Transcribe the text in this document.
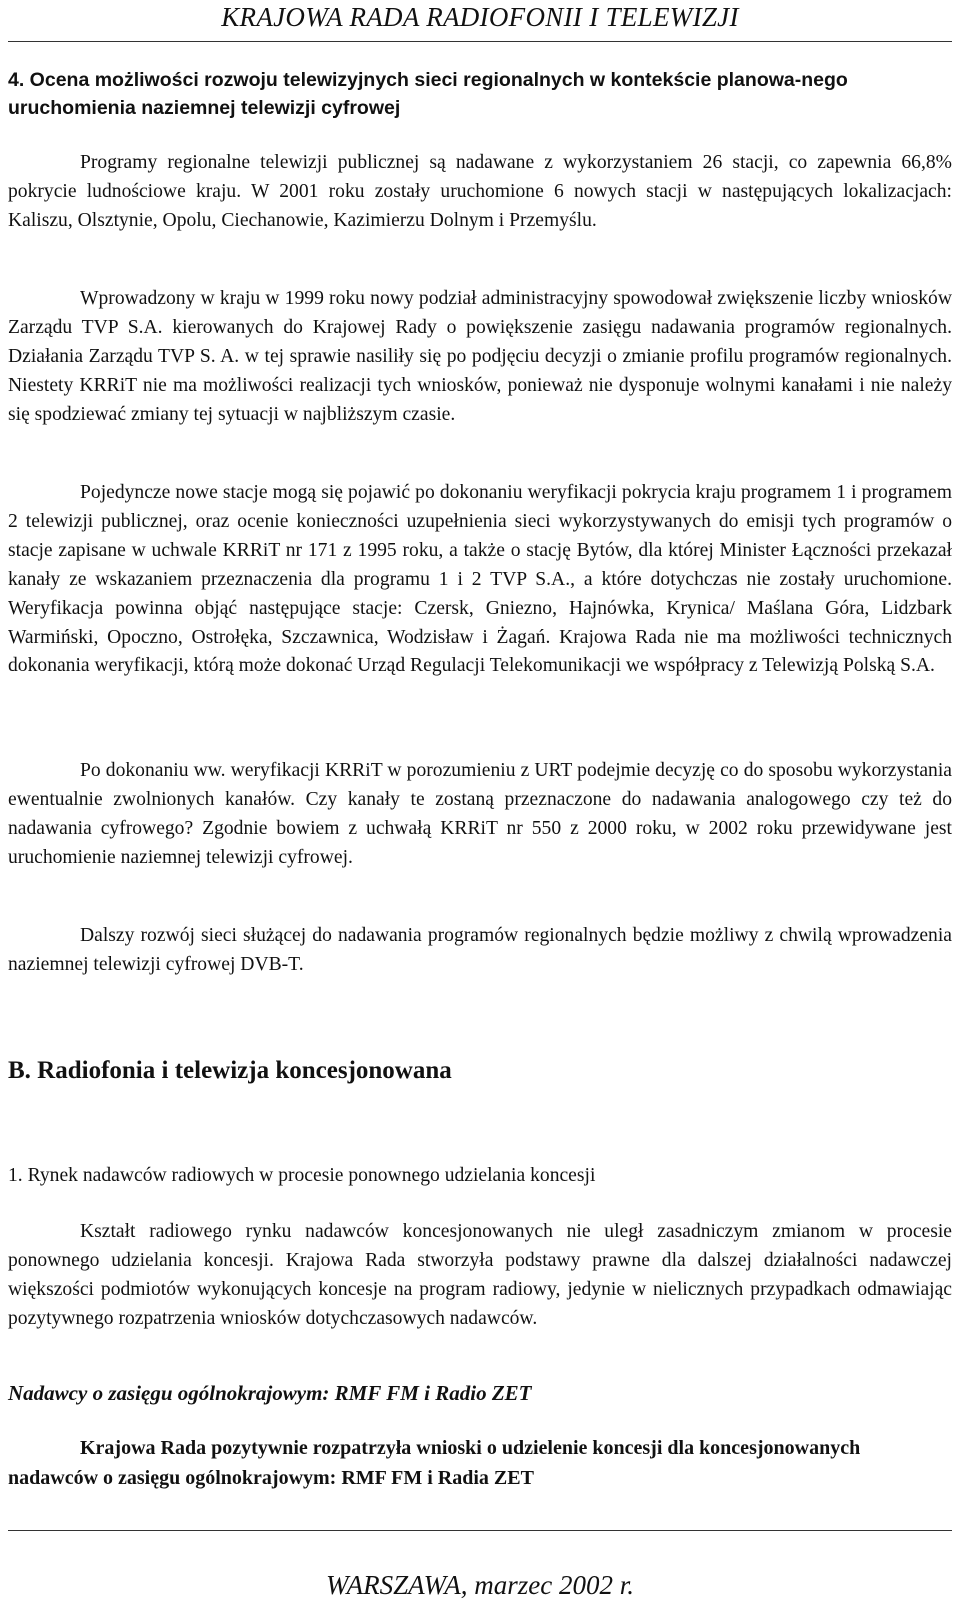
KRAJOWA RADA RADIOFONII I TELEWIZJI

4. Ocena możliwości rozwoju telewizyjnych sieci regionalnych w kontekście planowa-nego uruchomienia naziemnej telewizji cyfrowej

Programy regionalne telewizji publicznej są nadawane z wykorzystaniem 26 stacji, co zapewnia 66,8% pokrycie ludnościowe kraju. W 2001 roku zostały uruchomione 6 nowych stacji w następujących lokalizacjach: Kaliszu, Olsztynie, Opolu, Ciechanowie, Kazimierzu Dolnym i Przemyślu.

Wprowadzony w kraju w 1999 roku nowy podział administracyjny spowodował zwiększenie liczby wniosków Zarządu TVP S.A. kierowanych do Krajowej Rady o powiększenie zasięgu nadawania programów regionalnych. Działania Zarządu TVP S. A. w tej sprawie nasiliły się po podjęciu decyzji o zmianie profilu programów regionalnych. Niestety KRRiT nie ma możliwości realizacji tych wniosków, ponieważ nie dysponuje wolnymi kanałami i nie należy się spodziewać zmiany tej sytuacji w najbliższym czasie.

Pojedyncze nowe stacje mogą się pojawić po dokonaniu weryfikacji pokrycia kraju programem 1 i programem 2 telewizji publicznej, oraz ocenie konieczności uzupełnienia sieci wykorzystywanych do emisji tych programów o stacje zapisane w uchwale KRRiT nr 171 z 1995 roku, a także o stację Bytów, dla której Minister Łączności przekazał kanały ze wskazaniem przeznaczenia dla programu 1 i 2 TVP S.A., a które dotychczas nie zostały uruchomione. Weryfikacja powinna objąć następujące stacje: Czersk, Gniezno, Hajnówka, Krynica/ Maślana Góra, Lidzbark Warmiński, Opoczno, Ostrołęka, Szczawnica, Wodzisław i Żagań. Krajowa Rada nie ma możliwości technicznych dokonania weryfikacji, którą może dokonać Urząd Regulacji Telekomunikacji we współpracy z Telewizją Polską S.A.

Po dokonaniu ww. weryfikacji KRRiT w porozumieniu z URT podejmie decyzję co do sposobu wykorzystania ewentualnie zwolnionych kanałów. Czy kanały te zostaną przeznaczone do nadawania analogowego czy też do nadawania cyfrowego? Zgodnie bowiem z uchwałą KRRiT nr 550 z 2000 roku, w 2002 roku przewidywane jest uruchomienie naziemnej telewizji cyfrowej.

Dalszy rozwój sieci służącej do nadawania programów regionalnych będzie możliwy z chwilą wprowadzenia naziemnej telewizji cyfrowej DVB-T.

B. Radiofonia i telewizja koncesjonowana

1. Rynek nadawców radiowych w procesie ponownego udzielania koncesji

Kształt radiowego rynku nadawców koncesjonowanych nie uległ zasadniczym zmianom w procesie ponownego udzielania koncesji. Krajowa Rada stworzyła podstawy prawne dla dalszej działalności nadawczej większości podmiotów wykonujących koncesje na program radiowy, jedynie w nielicznych przypadkach odmawiając pozytywnego rozpatrzenia wniosków dotychczasowych nadawców.

Nadawcy o zasięgu ogólnokrajowym: RMF FM i Radio ZET

Krajowa Rada pozytywnie rozpatrzyła wnioski o udzielenie koncesji dla koncesjonowanych nadawców o zasięgu ogólnokrajowym: RMF FM i Radia ZET

WARSZAWA, marzec 2002 r.
